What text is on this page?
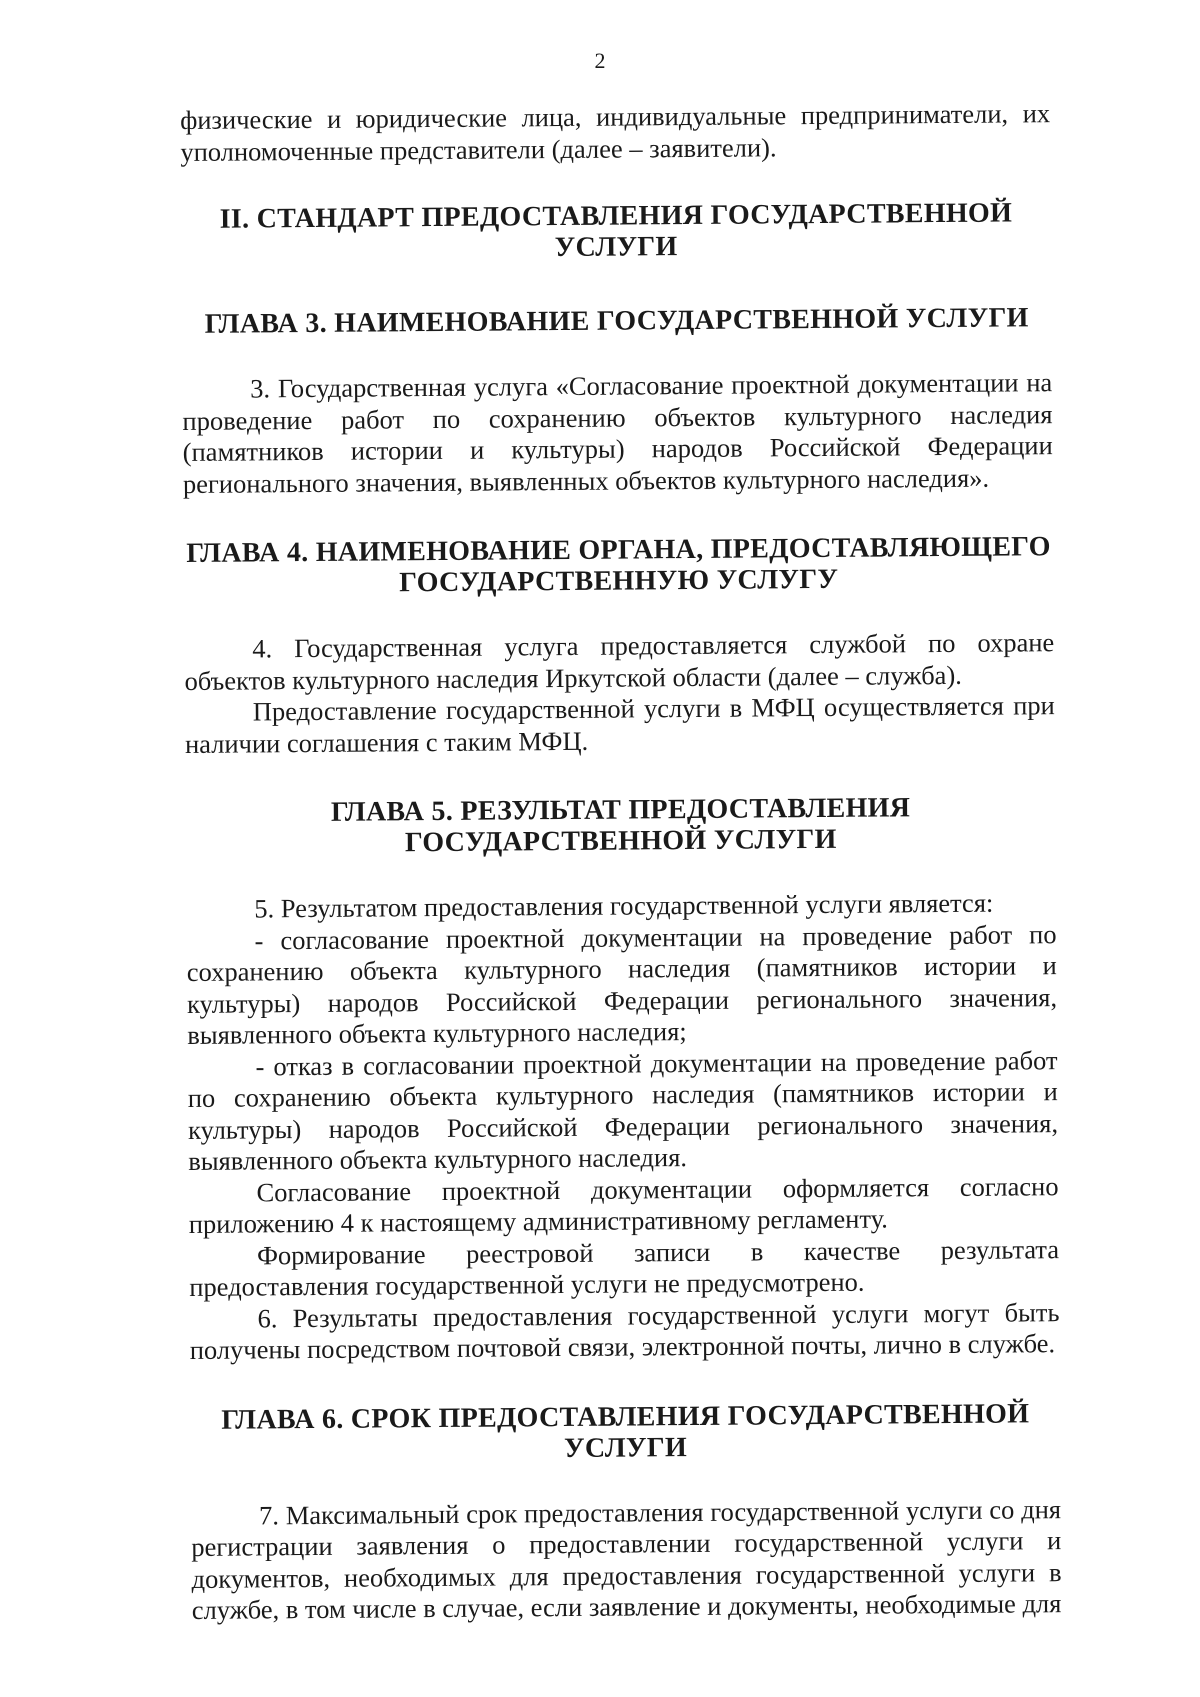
2

физические и юридические лица, индивидуальные предприниматели, их уполномоченные представители (далее – заявители).

II. СТАНДАРТ ПРЕДОСТАВЛЕНИЯ ГОСУДАРСТВЕННОЙ УСЛУГИ
ГЛАВА 3. НАИМЕНОВАНИЕ ГОСУДАРСТВЕННОЙ УСЛУГИ

3. Государственная услуга «Согласование проектной документации на проведение работ по сохранению объектов культурного наследия (памятников истории и культуры) народов Российской Федерации регионального значения, выявленных объектов культурного наследия».

ГЛАВА 4. НАИМЕНОВАНИЕ ОРГАНА, ПРЕДОСТАВЛЯЮЩЕГО
ГОСУДАРСТВЕННУЮ УСЛУГУ

4. Государственная услуга предоставляется службой по охране объектов культурного наследия Иркутской области (далее – служба).

Предоставление государственной услуги в МФЦ осуществляется при наличии соглашения с таким МФЦ.

ГЛАВА 5. РЕЗУЛЬТАТ ПРЕДОСТАВЛЕНИЯ
ГОСУДАРСТВЕННОЙ УСЛУГИ

5. Результатом предоставления государственной услуги является:

- согласование проектной документации на проведение работ по сохранению объекта культурного наследия (памятников истории и культуры) народов Российской Федерации регионального значения, выявленного объекта культурного наследия;

- отказ в согласовании проектной документации на проведение работ по сохранению объекта культурного наследия (памятников истории и культуры) народов Российской Федерации регионального значения, выявленного объекта культурного наследия.

Согласование проектной документации оформляется согласно приложению 4 к настоящему административному регламенту.

Формирование реестровой записи в качестве результата предоставления государственной услуги не предусмотрено.

6. Результаты предоставления государственной услуги могут быть получены посредством почтовой связи, электронной почты, лично в службе.

ГЛАВА 6. СРОК ПРЕДОСТАВЛЕНИЯ ГОСУДАРСТВЕННОЙ УСЛУГИ

7. Максимальный срок предоставления государственной услуги со дня регистрации заявления о предоставлении государственной услуги и документов, необходимых для предоставления государственной услуги в службе, в том числе в случае, если заявление и документы, необходимые для
